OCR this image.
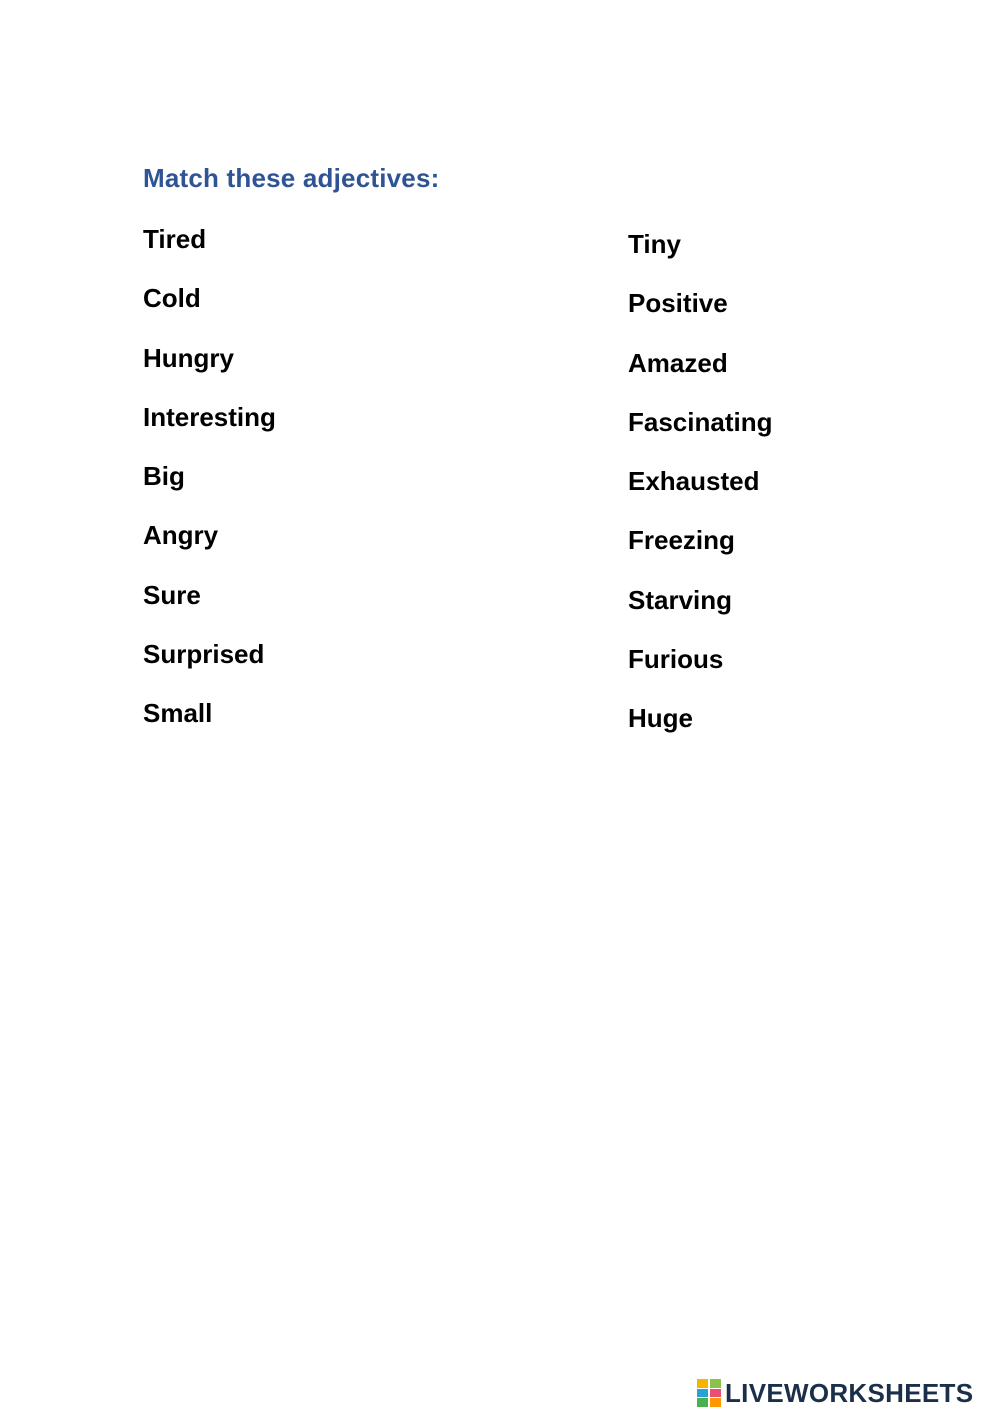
Match these adjectives:
Tired
Cold
Hungry
Interesting
Big
Angry
Sure
Surprised
Small
Tiny
Positive
Amazed
Fascinating
Exhausted
Freezing
Starving
Furious
Huge
LIVEWORKSHEETS
